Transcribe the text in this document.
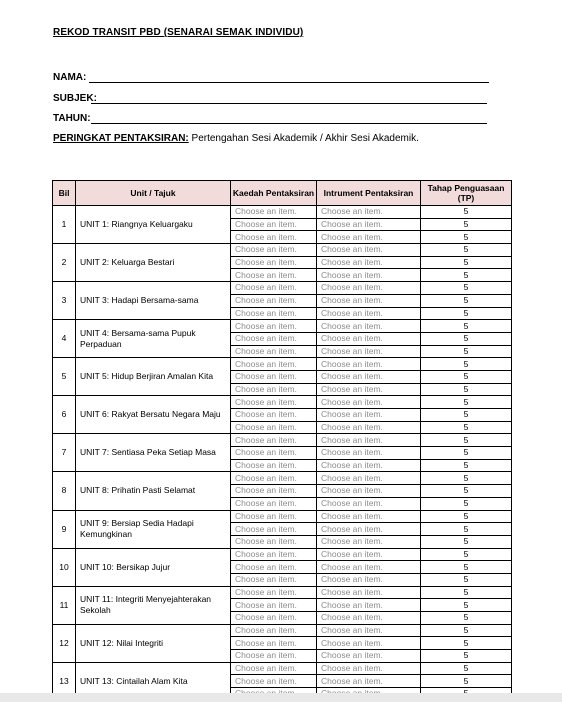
REKOD TRANSIT PBD (SENARAI SEMAK INDIVIDU)
NAMA:
SUBJEK:
TAHUN:
PERINGKAT PENTAKSIRAN: Pertengahan Sesi Akademik / Akhir Sesi Akademik.
Bil	Unit / Tajuk	Kaedah Pentaksiran	Intrument Pentaksiran	Tahap Penguasaan (TP)
1	UNIT 1: Riangnya Keluargaku	Choose an item.	Choose an item.	5
		Choose an item.	Choose an item.	5
		Choose an item.	Choose an item.	5
2	UNIT 2: Keluarga Bestari	Choose an item.	Choose an item.	5
		Choose an item.	Choose an item.	5
		Choose an item.	Choose an item.	5
3	UNIT 3: Hadapi Bersama-sama	Choose an item.	Choose an item.	5
		Choose an item.	Choose an item.	5
		Choose an item.	Choose an item.	5
4	UNIT 4: Bersama-sama Pupuk Perpaduan	Choose an item.	Choose an item.	5
		Choose an item.	Choose an item.	5
		Choose an item.	Choose an item.	5
5	UNIT 5: Hidup Berjiran Amalan Kita	Choose an item.	Choose an item.	5
		Choose an item.	Choose an item.	5
		Choose an item.	Choose an item.	5
6	UNIT 6: Rakyat Bersatu Negara Maju	Choose an item.	Choose an item.	5
		Choose an item.	Choose an item.	5
		Choose an item.	Choose an item.	5
7	UNIT 7: Sentiasa Peka Setiap Masa	Choose an item.	Choose an item.	5
		Choose an item.	Choose an item.	5
		Choose an item.	Choose an item.	5
8	UNIT 8: Prihatin Pasti Selamat	Choose an item.	Choose an item.	5
		Choose an item.	Choose an item.	5
		Choose an item.	Choose an item.	5
9	UNIT 9: Bersiap Sedia Hadapi Kemungkinan	Choose an item.	Choose an item.	5
		Choose an item.	Choose an item.	5
		Choose an item.	Choose an item.	5
10	UNIT 10: Bersikap Jujur	Choose an item.	Choose an item.	5
		Choose an item.	Choose an item.	5
		Choose an item.	Choose an item.	5
11	UNIT 11: Integriti Menyejahterakan Sekolah	Choose an item.	Choose an item.	5
		Choose an item.	Choose an item.	5
		Choose an item.	Choose an item.	5
12	UNIT 12: Nilai Integriti	Choose an item.	Choose an item.	5
		Choose an item.	Choose an item.	5
		Choose an item.	Choose an item.	5
13	UNIT 13: Cintailah Alam Kita	Choose an item.	Choose an item.	5
		Choose an item.	Choose an item.	5
